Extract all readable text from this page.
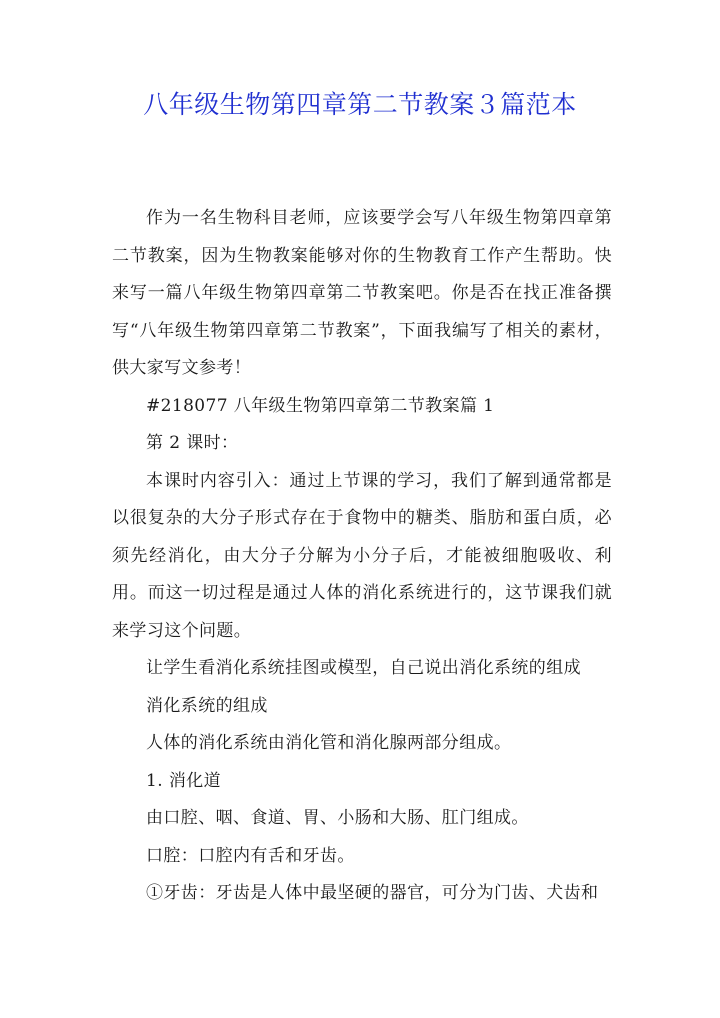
八年级生物第四章第二节教案３篇范本

作为一名生物科目老师，应该要学会写八年级生物第四章第二节教案，因为生物教案能够对你的生物教育工作产生帮助。快来写一篇八年级生物第四章第二节教案吧。你是否在找正准备撰写“八年级生物第四章第二节教案”，下面我编写了相关的素材，供大家写文参考！

#218077 八年级生物第四章第二节教案篇 1

第 2 课时：

本课时内容引入：通过上节课的学习，我们了解到通常都是以很复杂的大分子形式存在于食物中的糖类、脂肪和蛋白质，必须先经消化，由大分子分解为小分子后，才能被细胞吸收、利用。而这一切过程是通过人体的消化系统进行的，这节课我们就来学习这个问题。

让学生看消化系统挂图或模型，自己说出消化系统的组成

消化系统的组成

人体的消化系统由消化管和消化腺两部分组成。

1. 消化道

由口腔、咽、食道、胃、小肠和大肠、肛门组成。

口腔：口腔内有舌和牙齿。

①牙齿：牙齿是人体中最坚硬的器官，可分为门齿、犬齿和
